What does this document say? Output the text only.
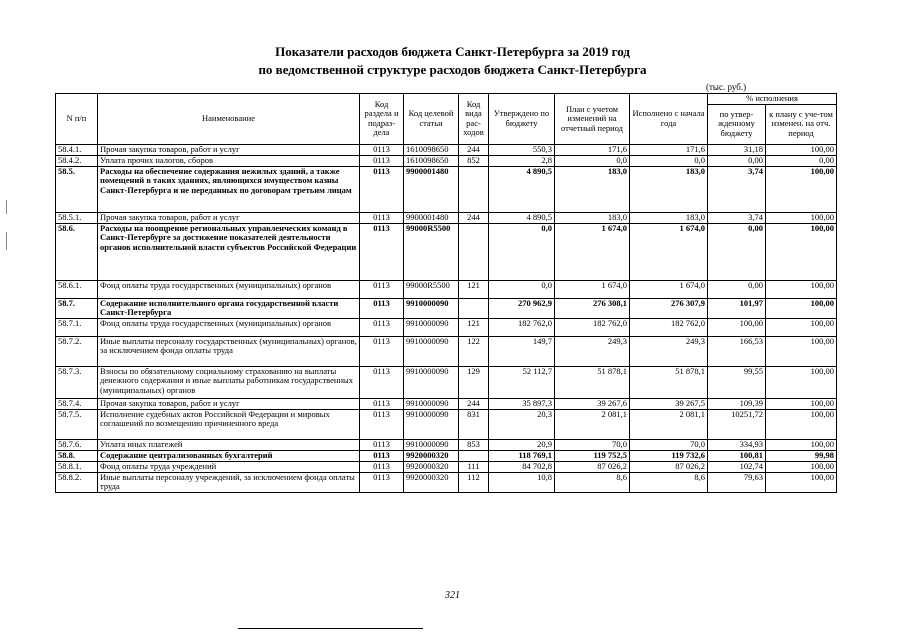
Показатели расходов бюджета Санкт-Петербурга за 2019 год
по ведомственной структуре расходов бюджета Санкт-Петербурга
(тыс. руб.)
N п/п	Наименование	Код раздела и подраз-дела	Код целевой статьи	Код вида рас-ходов	Утверждено по бюджету	План с учетом изменений на отчетный период	Исполнено с начала года	% исполнения	
								по утвер-жденному бюджету	к плану с уче-том изменен. на отч. период
58.4.1.	Прочая закупка товаров, работ и услуг	0113	1610098650	244	550,3	171,6	171,6	31,18	100,00
58.4.2.	Уплата прочих налогов, сборов	0113	1610098650	852	2,8	0,0	0,0	0,00	0,00
58.5.	Расходы на обеспечение содержания нежилых зданий, а также помещений в таких зданиях, являющихся имуществом казны Санкт-Петербурга и не переданных по договорам третьим лицам	0113	9900001480		4 890,5	183,0	183,0	3,74	100,00
58.5.1.	Прочая закупка товаров, работ и услуг	0113	9900001480	244	4 890,5	183,0	183,0	3,74	100,00
58.6.	Расходы на поощрение региональных управленческих команд в Санкт-Петербурге за достижение показателей деятельности органов исполнительной власти субъектов Российской Федерации	0113	99000R5500		0,0	1 674,0	1 674,0	0,00	100,00
58.6.1.	Фонд оплаты труда государственных (муниципальных) органов	0113	99000R5500	121	0,0	1 674,0	1 674,0	0,00	100,00
58.7.	Содержание исполнительного органа государственной власти Санкт-Петербурга	0113	9910000090		270 962,9	276 308,1	276 307,9	101,97	100,00
58.7.1.	Фонд оплаты труда государственных (муниципальных) органов	0113	9910000090	121	182 762,0	182 762,0	182 762,0	100,00	100,00
58.7.2.	Иные выплаты персоналу государственных (муниципальных) органов, за исключением фонда оплаты труда	0113	9910000090	122	149,7	249,3	249,3	166,53	100,00
58.7.3.	Взносы по обязательному социальному страхованию на выплаты денежного содержания и иные выплаты работникам государственных (муниципальных) органов	0113	9910000090	129	52 112,7	51 878,1	51 878,1	99,55	100,00
58.7.4.	Прочая закупка товаров, работ и услуг	0113	9910000090	244	35 897,3	39 267,6	39 267,5	109,39	100,00
58.7.5.	Исполнение судебных актов Российской Федерации и мировых соглашений по возмещению причиненного вреда	0113	9910000090	831	20,3	2 081,1	2 081,1	10251,72	100,00
58.7.6.	Уплата иных платежей	0113	9910000090	853	20,9	70,0	70,0	334,93	100,00
58.8.	Содержание централизованных бухгалтерий	0113	9920000320		118 769,1	119 752,5	119 732,6	100,81	99,98
58.8.1.	Фонд оплаты труда учреждений	0113	9920000320	111	84 702,8	87 026,2	87 026,2	102,74	100,00
58.8.2.	Иные выплаты персоналу учреждений, за исключением фонда оплаты труда	0113	9920000320	112	10,8	8,6	8,6	79,63	100,00
321
